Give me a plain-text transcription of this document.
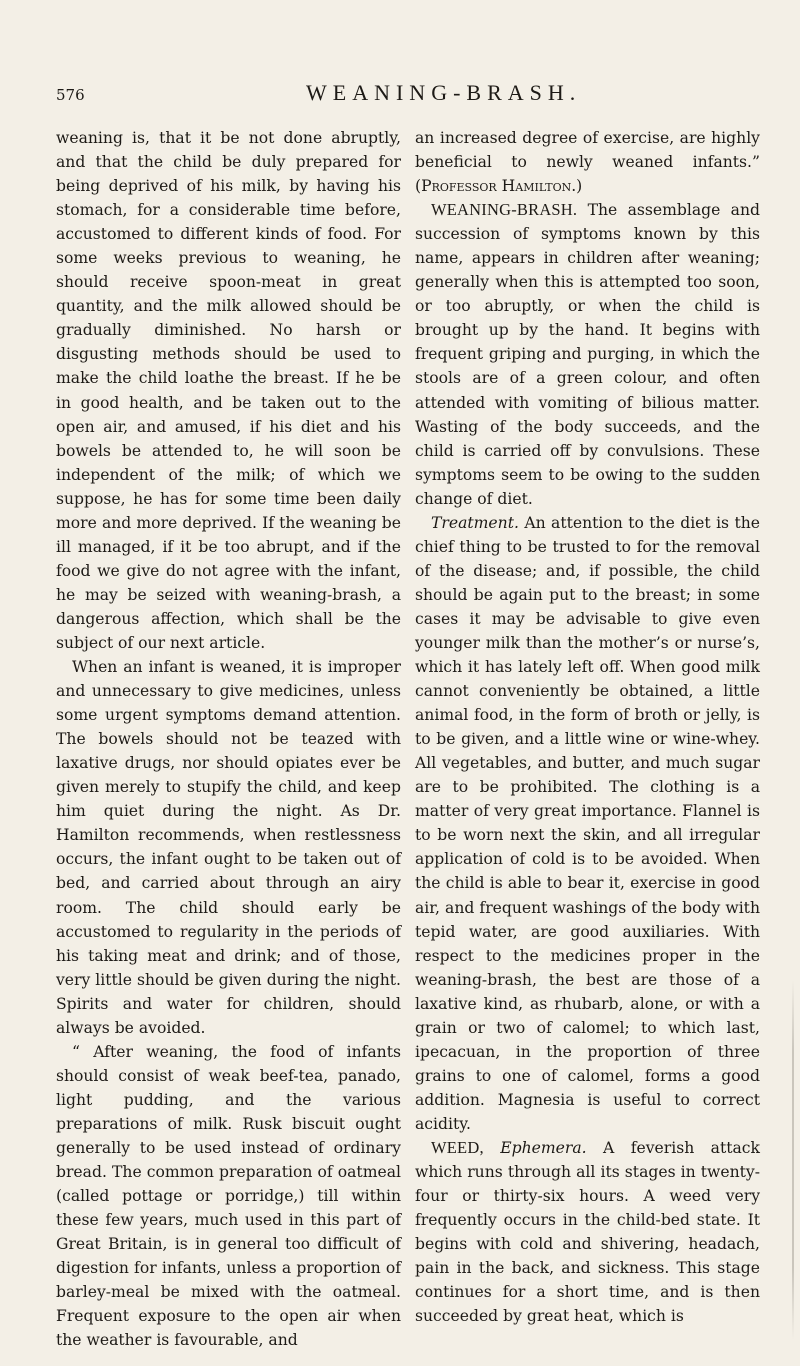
576	WEANING-BRASH.

weaning is, that it be not done abruptly, and that the child be duly prepared for being deprived of his milk, by having his stomach, for a considerable time before, accustomed to different kinds of food. For some weeks previous to weaning, he should receive spoon-meat in great quantity, and the milk allowed should be gradually diminished. No harsh or disgusting methods should be used to make the child loathe the breast. If he be in good health, and be taken out to the open air, and amused, if his diet and his bowels be attended to, he will soon be independent of the milk; of which we suppose, he has for some time been daily more and more deprived. If the weaning be ill managed, if it be too abrupt, and if the food we give do not agree with the infant, he may be seized with weaning-brash, a dangerous affection, which shall be the subject of our next article.

When an infant is weaned, it is improper and unnecessary to give medicines, unless some urgent symptoms demand attention. The bowels should not be teazed with laxative drugs, nor should opiates ever be given merely to stupify the child, and keep him quiet during the night. As Dr. Hamilton recommends, when restlessness occurs, the infant ought to be taken out of bed, and carried about through an airy room. The child should early be accustomed to regularity in the periods of his taking meat and drink; and of those, very little should be given during the night. Spirits and water for children, should always be avoided.

“ After weaning, the food of infants should consist of weak beef-tea, panado, light pudding, and the various preparations of milk. Rusk biscuit ought generally to be used instead of ordinary bread. The common preparation of oatmeal (called pottage or porridge,) till within these few years, much used in this part of Great Britain, is in general too difficult of digestion for infants, unless a proportion of barley-meal be mixed with the oatmeal. Frequent exposure to the open air when the weather is favourable, and

an increased degree of exercise, are highly beneficial to newly weaned infants.” (Professor Hamilton.)

WEANING-BRASH. The assemblage and succession of symptoms known by this name, appears in children after weaning; generally when this is attempted too soon, or too abruptly, or when the child is brought up by the hand. It begins with frequent griping and purging, in which the stools are of a green colour, and often attended with vomiting of bilious matter. Wasting of the body succeeds, and the child is carried off by convulsions. These symptoms seem to be owing to the sudden change of diet.

Treatment. An attention to the diet is the chief thing to be trusted to for the removal of the disease; and, if possible, the child should be again put to the breast; in some cases it may be advisable to give even younger milk than the mother’s or nurse’s, which it has lately left off. When good milk cannot conveniently be obtained, a little animal food, in the form of broth or jelly, is to be given, and a little wine or wine-whey. All vegetables, and butter, and much sugar are to be prohibited. The clothing is a matter of very great importance. Flannel is to be worn next the skin, and all irregular application of cold is to be avoided. When the child is able to bear it, exercise in good air, and frequent washings of the body with tepid water, are good auxiliaries. With respect to the medicines proper in the weaning-brash, the best are those of a laxative kind, as rhubarb, alone, or with a grain or two of calomel; to which last, ipecacuan, in the proportion of three grains to one of calomel, forms a good addition. Magnesia is useful to correct acidity.

WEED, Ephemera. A feverish attack which runs through all its stages in twenty-four or thirty-six hours. A weed very frequently occurs in the child-bed state. It begins with cold and shivering, headach, pain in the back, and sickness. This stage continues for a short time, and is then succeeded by great heat, which is
